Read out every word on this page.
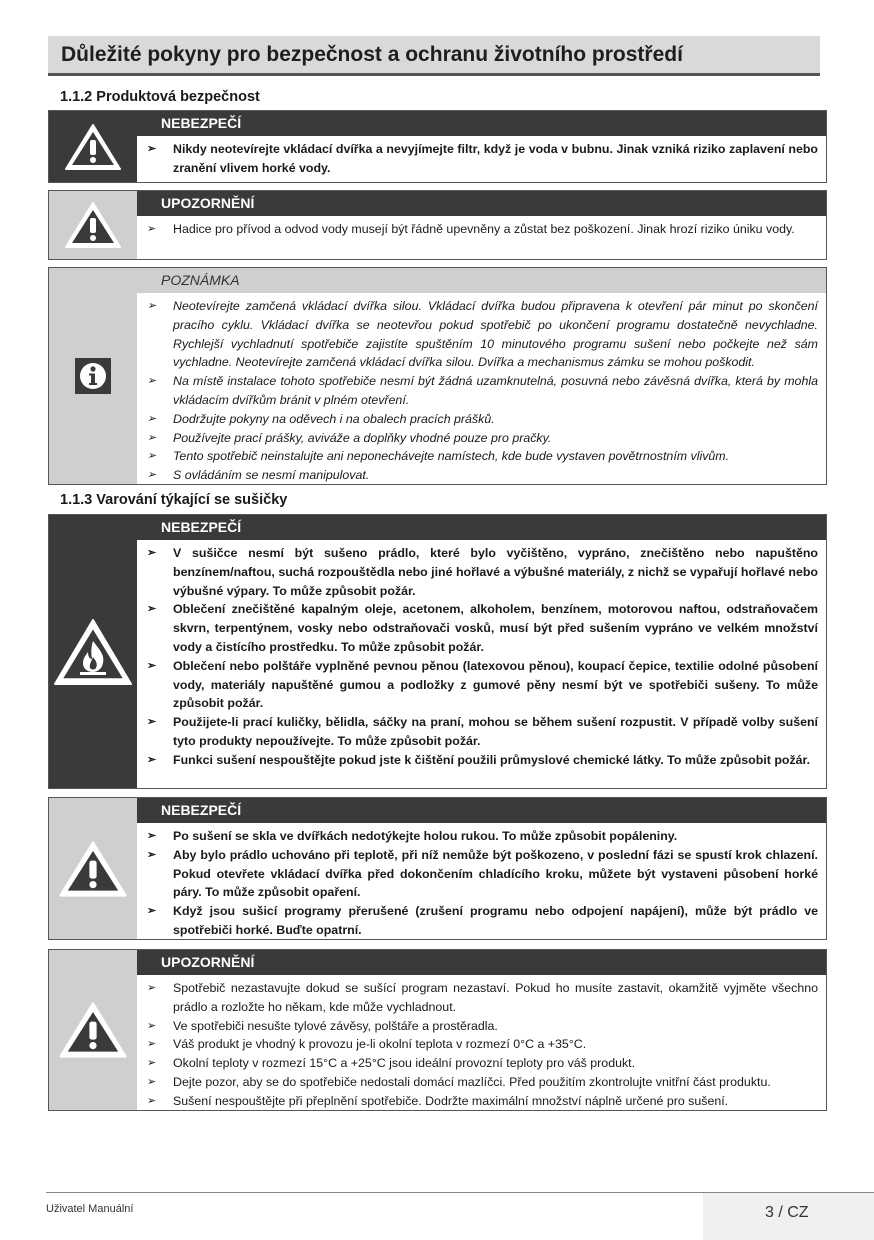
Důležité pokyny pro bezpečnost a ochranu životního prostředí
1.1.2 Produktová bezpečnost
NEBEZPEČÍ
➢ Nikdy neotevírejte vkládací dvířka a nevyjímejte filtr, když je voda v bubnu. Jinak vzniká riziko zaplavení nebo zranění vlivem horké vody.
UPOZORNĚNÍ
➢ Hadice pro přívod a odvod vody musejí být řádně upevněny a zůstat bez poškození. Jinak hrozí riziko úniku vody.
POZNÁMKA
➢ Neotevírejte zamčená vkládací dvířka silou. Vkládací dvířka budou připravena k otevření pár minut po skončení pracího cyklu. Vkládací dvířka se neotevřou pokud spotřebič po ukončení programu dostatečně nevychladne. Rychlejší vychladnutí spotřebiče zajistíte spuštěním 10 minutového programu sušení nebo počkejte než sám vychladne. Neotevírejte zamčená vkládací dvířka silou. Dvířka a mechanismus zámku se mohou poškodit.
➢ Na místě instalace tohoto spotřebiče nesmí být žádná uzamknutelná, posuvná nebo závěsná dvířka, která by mohla vkládacím dvířkům bránit v plném otevření.
➢ Dodržujte pokyny na oděvech i na obalech pracích prášků.
➢ Používejte prací prášky, aviváže a doplňky vhodné pouze pro pračky.
➢ Tento spotřebič neinstalujte ani neponechávejte namístech, kde bude vystaven povětrnostním vlivům.
➢ S ovládáním se nesmí manipulovat.
1.1.3 Varování týkající se sušičky
NEBEZPEČÍ
➢ V sušičce nesmí být sušeno prádlo, které bylo vyčištěno, vypráno, znečištěno nebo napuštěno benzínem/naftou, suchá rozpouštědla nebo jiné hořlavé a výbušné materiály, z nichž se vypařují hořlavé nebo výbušné výpary. To může způsobit požár.
➢ Oblečení znečištěné kapalným oleje, acetonem, alkoholem, benzínem, motorovou naftou, odstraňovačem skvrn, terpentýnem, vosky nebo odstraňovači vosků, musí být před sušením vypráno ve velkém množství vody a čistícího prostředku. To může způsobit požár.
➢ Oblečení nebo polštáře vyplněné pevnou pěnou (latexovou pěnou), koupací čepice, textilie odolné působení vody, materiály napuštěné gumou a podložky z gumové pěny nesmí být ve spotřebiči sušeny. To může způsobit požár.
➢ Použijete-li prací kuličky, bělidla, sáčky na praní, mohou se během sušení rozpustit. V případě volby sušení tyto produkty nepoužívejte. To může způsobit požár.
➢ Funkci sušení nespouštějte pokud jste k čištění použili průmyslové chemické látky. To může způsobit požár.
NEBEZPEČÍ
➢ Po sušení se skla ve dvířkách nedotýkejte holou rukou. To může způsobit popáleniny.
➢ Aby bylo prádlo uchováno při teplotě, při níž nemůže být poškozeno, v poslední fázi se spustí krok chlazení. Pokud otevřete vkládací dvířka před dokončením chladícího kroku, můžete být vystaveni působení horké páry. To může způsobit opaření.
➢ Když jsou sušicí programy přerušené (zrušení programu nebo odpojení napájení), může být prádlo ve spotřebiči horké. Buďte opatrní.
UPOZORNĚNÍ
➢ Spotřebič nezastavujte dokud se sušící program nezastaví. Pokud ho musíte zastavit, okamžitě vyjměte všechno prádlo a rozložte ho někam, kde může vychladnout.
➢ Ve spotřebiči nesušte tylové závěsy, polštáře a prostěradla.
➢ Váš produkt je vhodný k provozu je-li okolní teplota v rozmezí 0°C a +35°C.
➢ Okolní teploty v rozmezí 15°C a +25°C jsou ideální provozní teploty pro váš produkt.
➢ Dejte pozor, aby se do spotřebiče nedostali domácí mazlíčci. Před použitím zkontrolujte vnitřní část produktu.
➢ Sušení nespouštějte při přeplnění spotřebiče. Dodržte maximální množství náplně určené pro sušení.
Uživatel Manuální	3 / CZ
